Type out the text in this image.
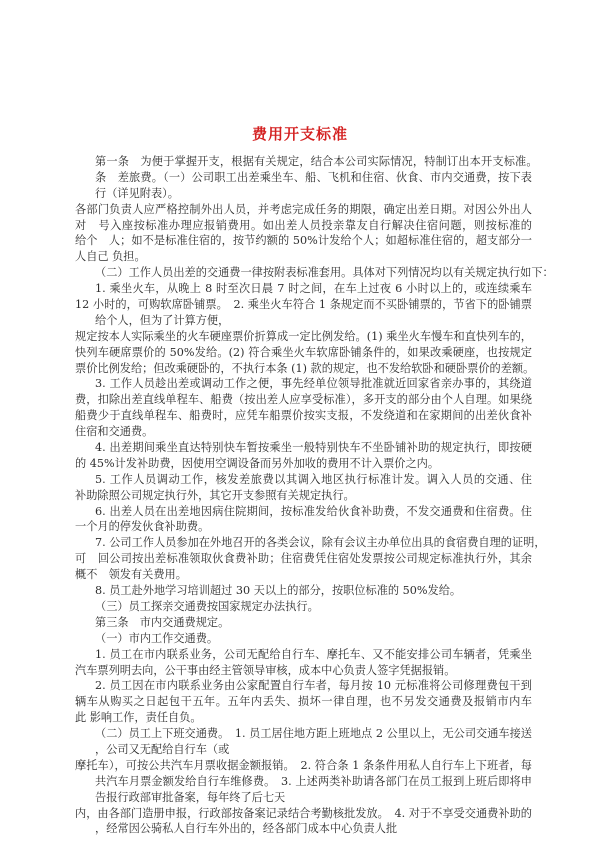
费用开支标准
第一条　为便于掌握开支，根据有关规定，结合本公司实际情况，特制订出本开支标准。　
条　差旅费。（一）公司职工出差乘坐车、船、飞机和住宿、伙食、市内交通费，按下表
行（详见附表）。
各部门负责人应严格控制外出人员，并考虑完成任务的期限，确定出差日期。对因公外出人
对　号入座按标准办理应报销费用。如出差人员投亲靠友自行解决住宿问题，则按标准的
给个　人；如不是标准住宿的，按节约额的 50%计发给个人；如超标准住宿的，超支部分一
人自己 负担。
（二）工作人员出差的交通费一律按附表标准套用。具体对下列情况均以有关规定执行如下：
1. 乘坐火车，从晚上 8 时至次日晨 7 时之间，在车上过夜 6 小时以上的，或连续乘车
12 小时的，可购软席卧铺票。　2. 乘坐火车符合 1 条规定而不买卧铺票的，节省下的卧铺票
给个人，但为了计算方便，
规定按本人实际乘坐的火车硬座票价折算成一定比例发给。(1) 乘坐火车慢车和直快列车的，
快列车硬席票价的 50%发给。(2) 符合乘坐火车软席卧铺条件的，如果改乘硬座，也按规定
票价比例发给；但改乘硬卧的，不执行本条 (1) 款的规定，也不发给软卧和硬卧票价的差额。
3. 工作人员趁出差或调动工作之便，事先经单位领导批准就近回家省亲办事的，其绕道
费，扣除出差直线单程车、船费（按出差人应享受标准），多开支的部分由个人自理。如果绕
船费少于直线单程车、船费时，应凭车船票价按实支报，不发绕道和在家期间的出差伙食补
住宿和交通费。
4. 出差期间乘坐直达特别快车暂按乘坐一般特别快车不坐卧铺补助的规定执行，即按硬
的 45%计发补助费，因使用空调设备而另外加收的费用不计入票价之内。
5. 工作人员调动工作，核发差旅费以其调入地区执行标准计发。调入人员的交通、住
补助除照公司规定执行外，其它开支参照有关规定执行。
6. 出差人员在出差地因病住院期间，按标准发给伙食补助费，不发交通费和住宿费。住
一个月的停发伙食补助费。
7. 公司工作人员参加在外地召开的各类会议，除有会议主办单位出具的食宿费自理的证明，
可　回公司按出差标准领取伙食费补助；住宿费凭住宿处发票按公司规定标准执行外，其余
概不　领发有关费用。
8. 员工赴外地学习培训超过 30 天以上的部分，按职位标准的 50%发给。
（三）员工探亲交通费按国家规定办法执行。
第三条　市内交通费规定。
（一）市内工作交通费。
1. 员工在市内联系业务，公司无配给自行车、摩托车、又不能安排公司车辆者，凭乘坐
汽车票列明去向，公干事由经主管领导审核，成本中心负责人签字凭据报销。
2. 员工因在市内联系业务由公家配置自行车者，每月按 10 元标准将公司修理费包干到
辆车从购买之日起包干五年。五年内丢失、损坏一律自理，也不另发交通费及报销市内车
此 影响工作，责任自负。
（二）员工上下班交通费。　1. 员工居住地方距上班地点 2 公里以上，无公司交通车接送
，公司又无配给自行车（或
摩托车），可按公共汽车月票收据金额报销。　2. 符合条 1 条条件用私人自行车上下班者，每
共汽车月票金额发给自行车维修费。　3. 上述两类补助请各部门在员工报到上班后即将申
告报行政部审批备案，每年终了后七天
内，由各部门造册申报，行政部按备案记录结合考勤核批发放。　4. 对于不享受交通费补助的
，经常因公骑私人自行车外出的，经各部门成本中心负责人批
